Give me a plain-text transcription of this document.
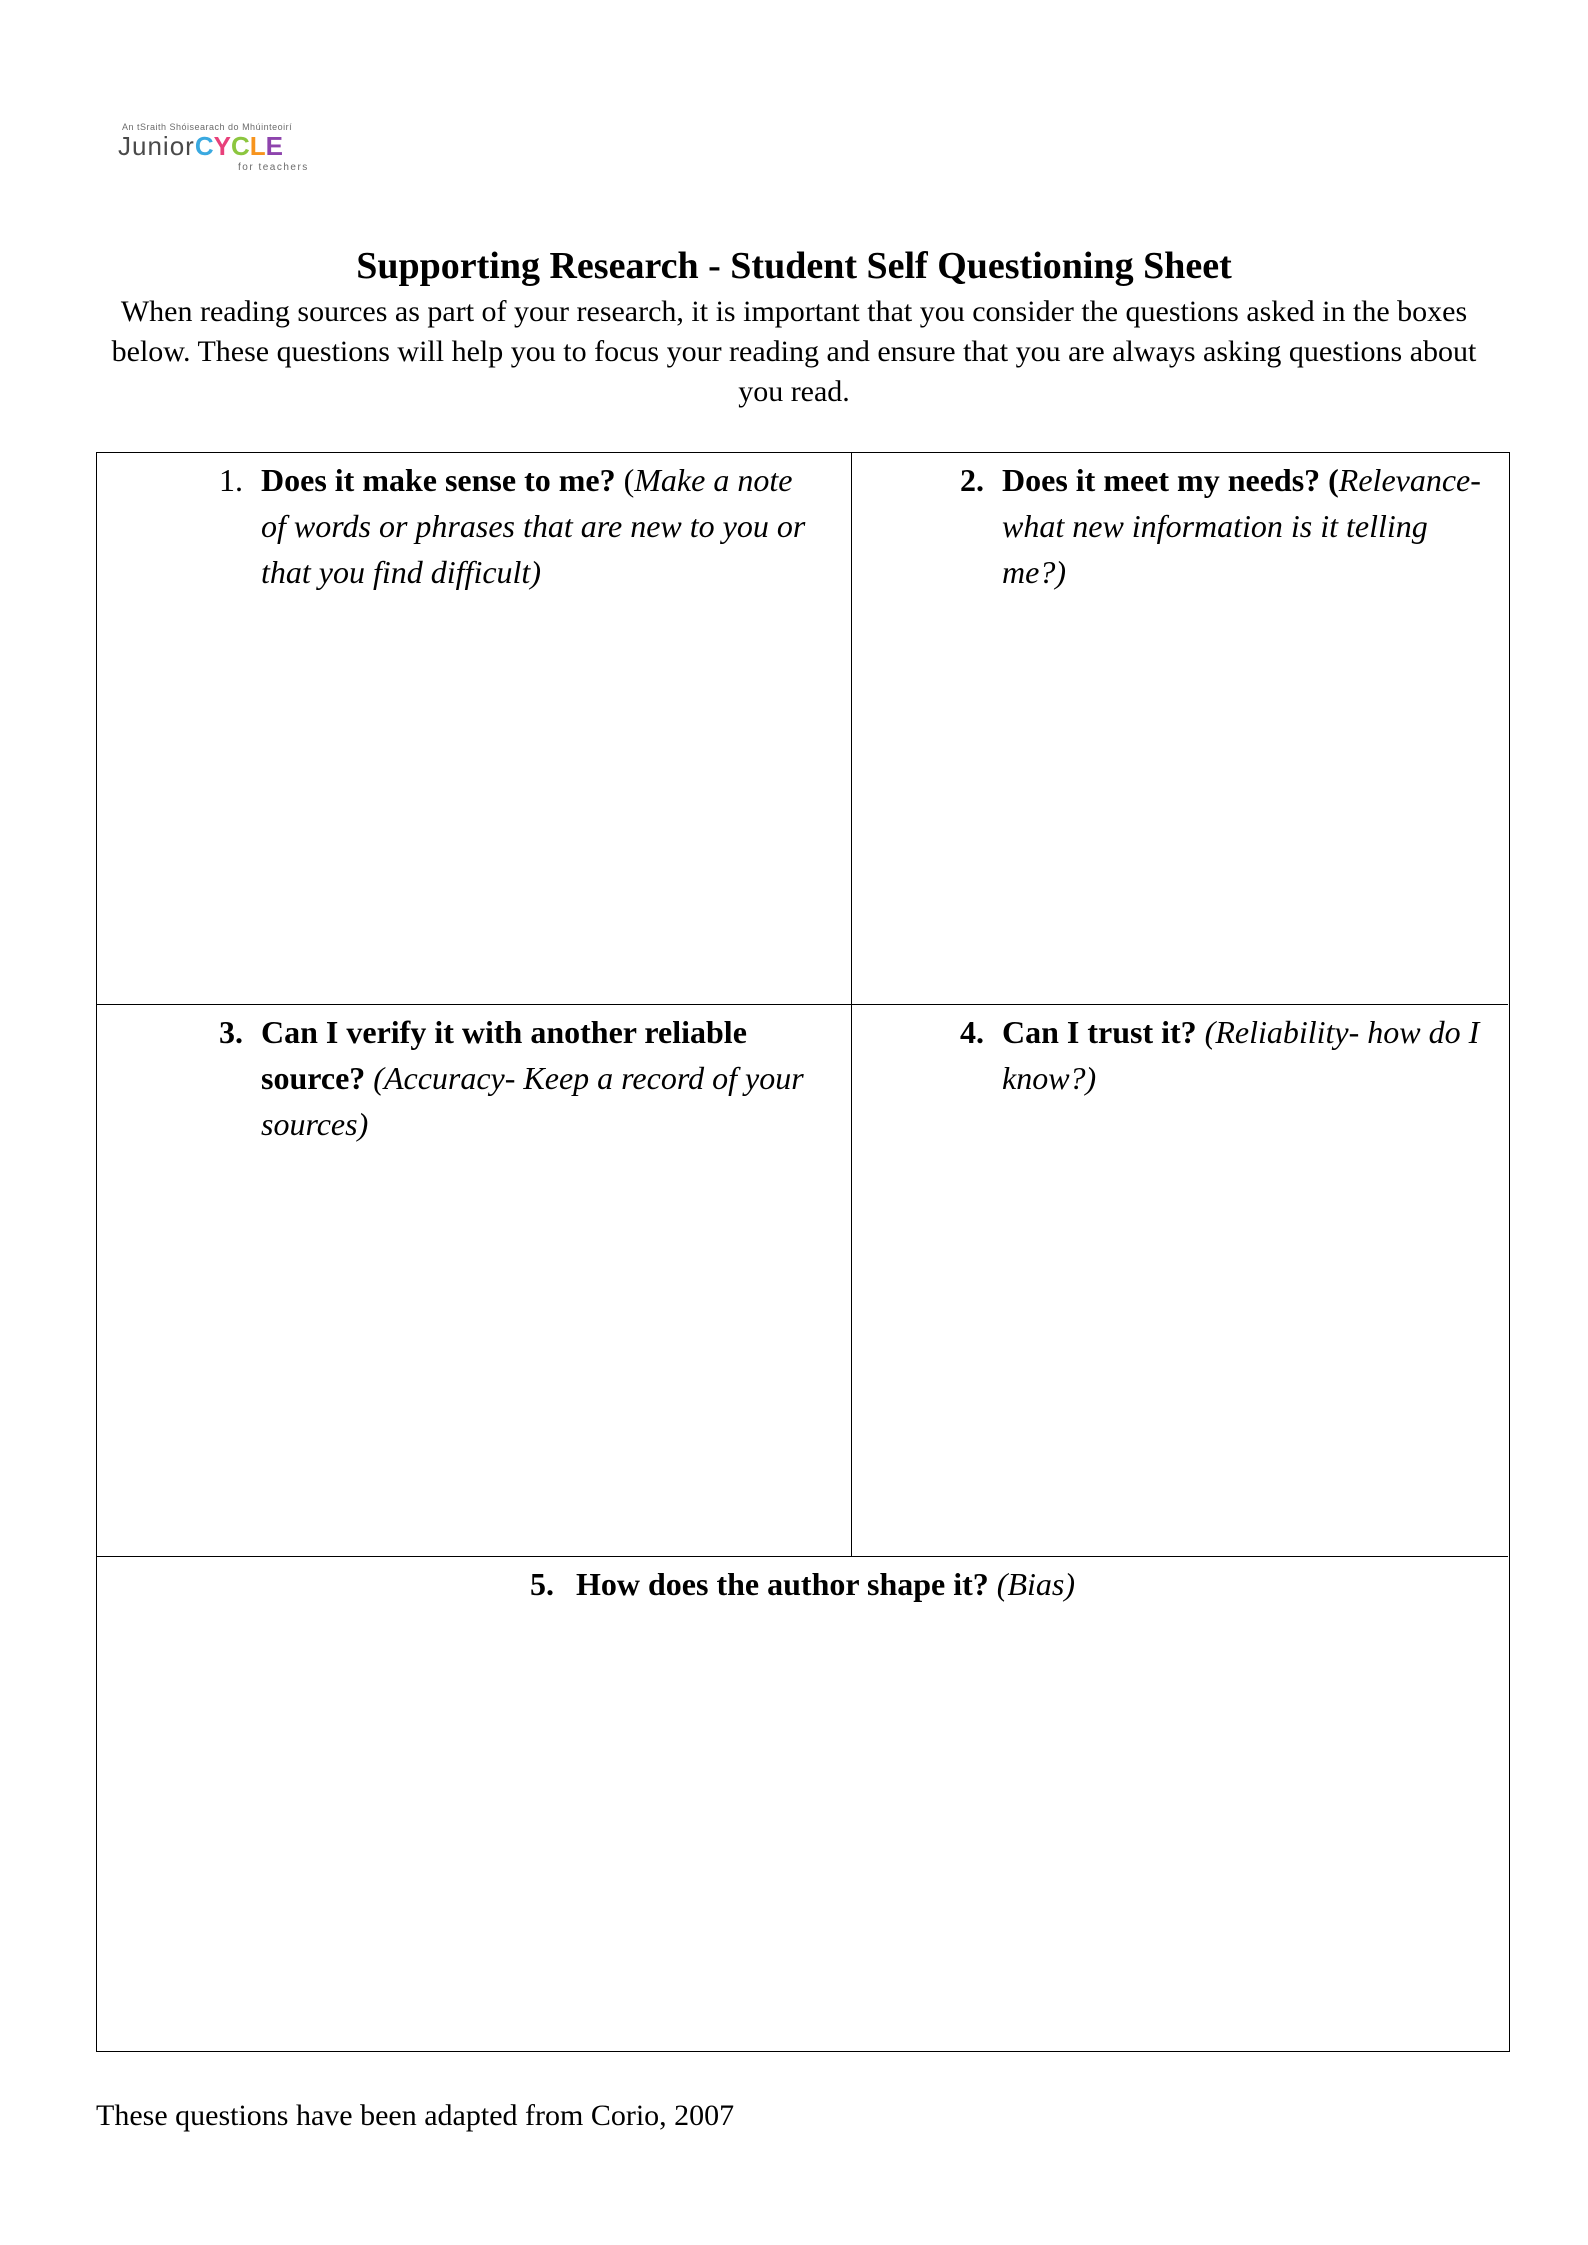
An tSraith Shóisearach do Mhúinteoirí
JuniorCYCLE
for teachers
Supporting Research - Student Self Questioning Sheet

When reading sources as part of your research, it is important that you consider the questions asked in the boxes below. These questions will help you to focus your reading and ensure that you are always asking questions about you read.

1. Does it make sense to me? (Make a note of words or phrases that are new to you or that you find difficult)
2. Does it meet my needs? (Relevance- what new information is it telling me?)
3. Can I verify it with another reliable source? (Accuracy- Keep a record of your sources)
4. Can I trust it? (Reliability- how do I know?)
5. How does the author shape it? (Bias)

These questions have been adapted from Corio, 2007
